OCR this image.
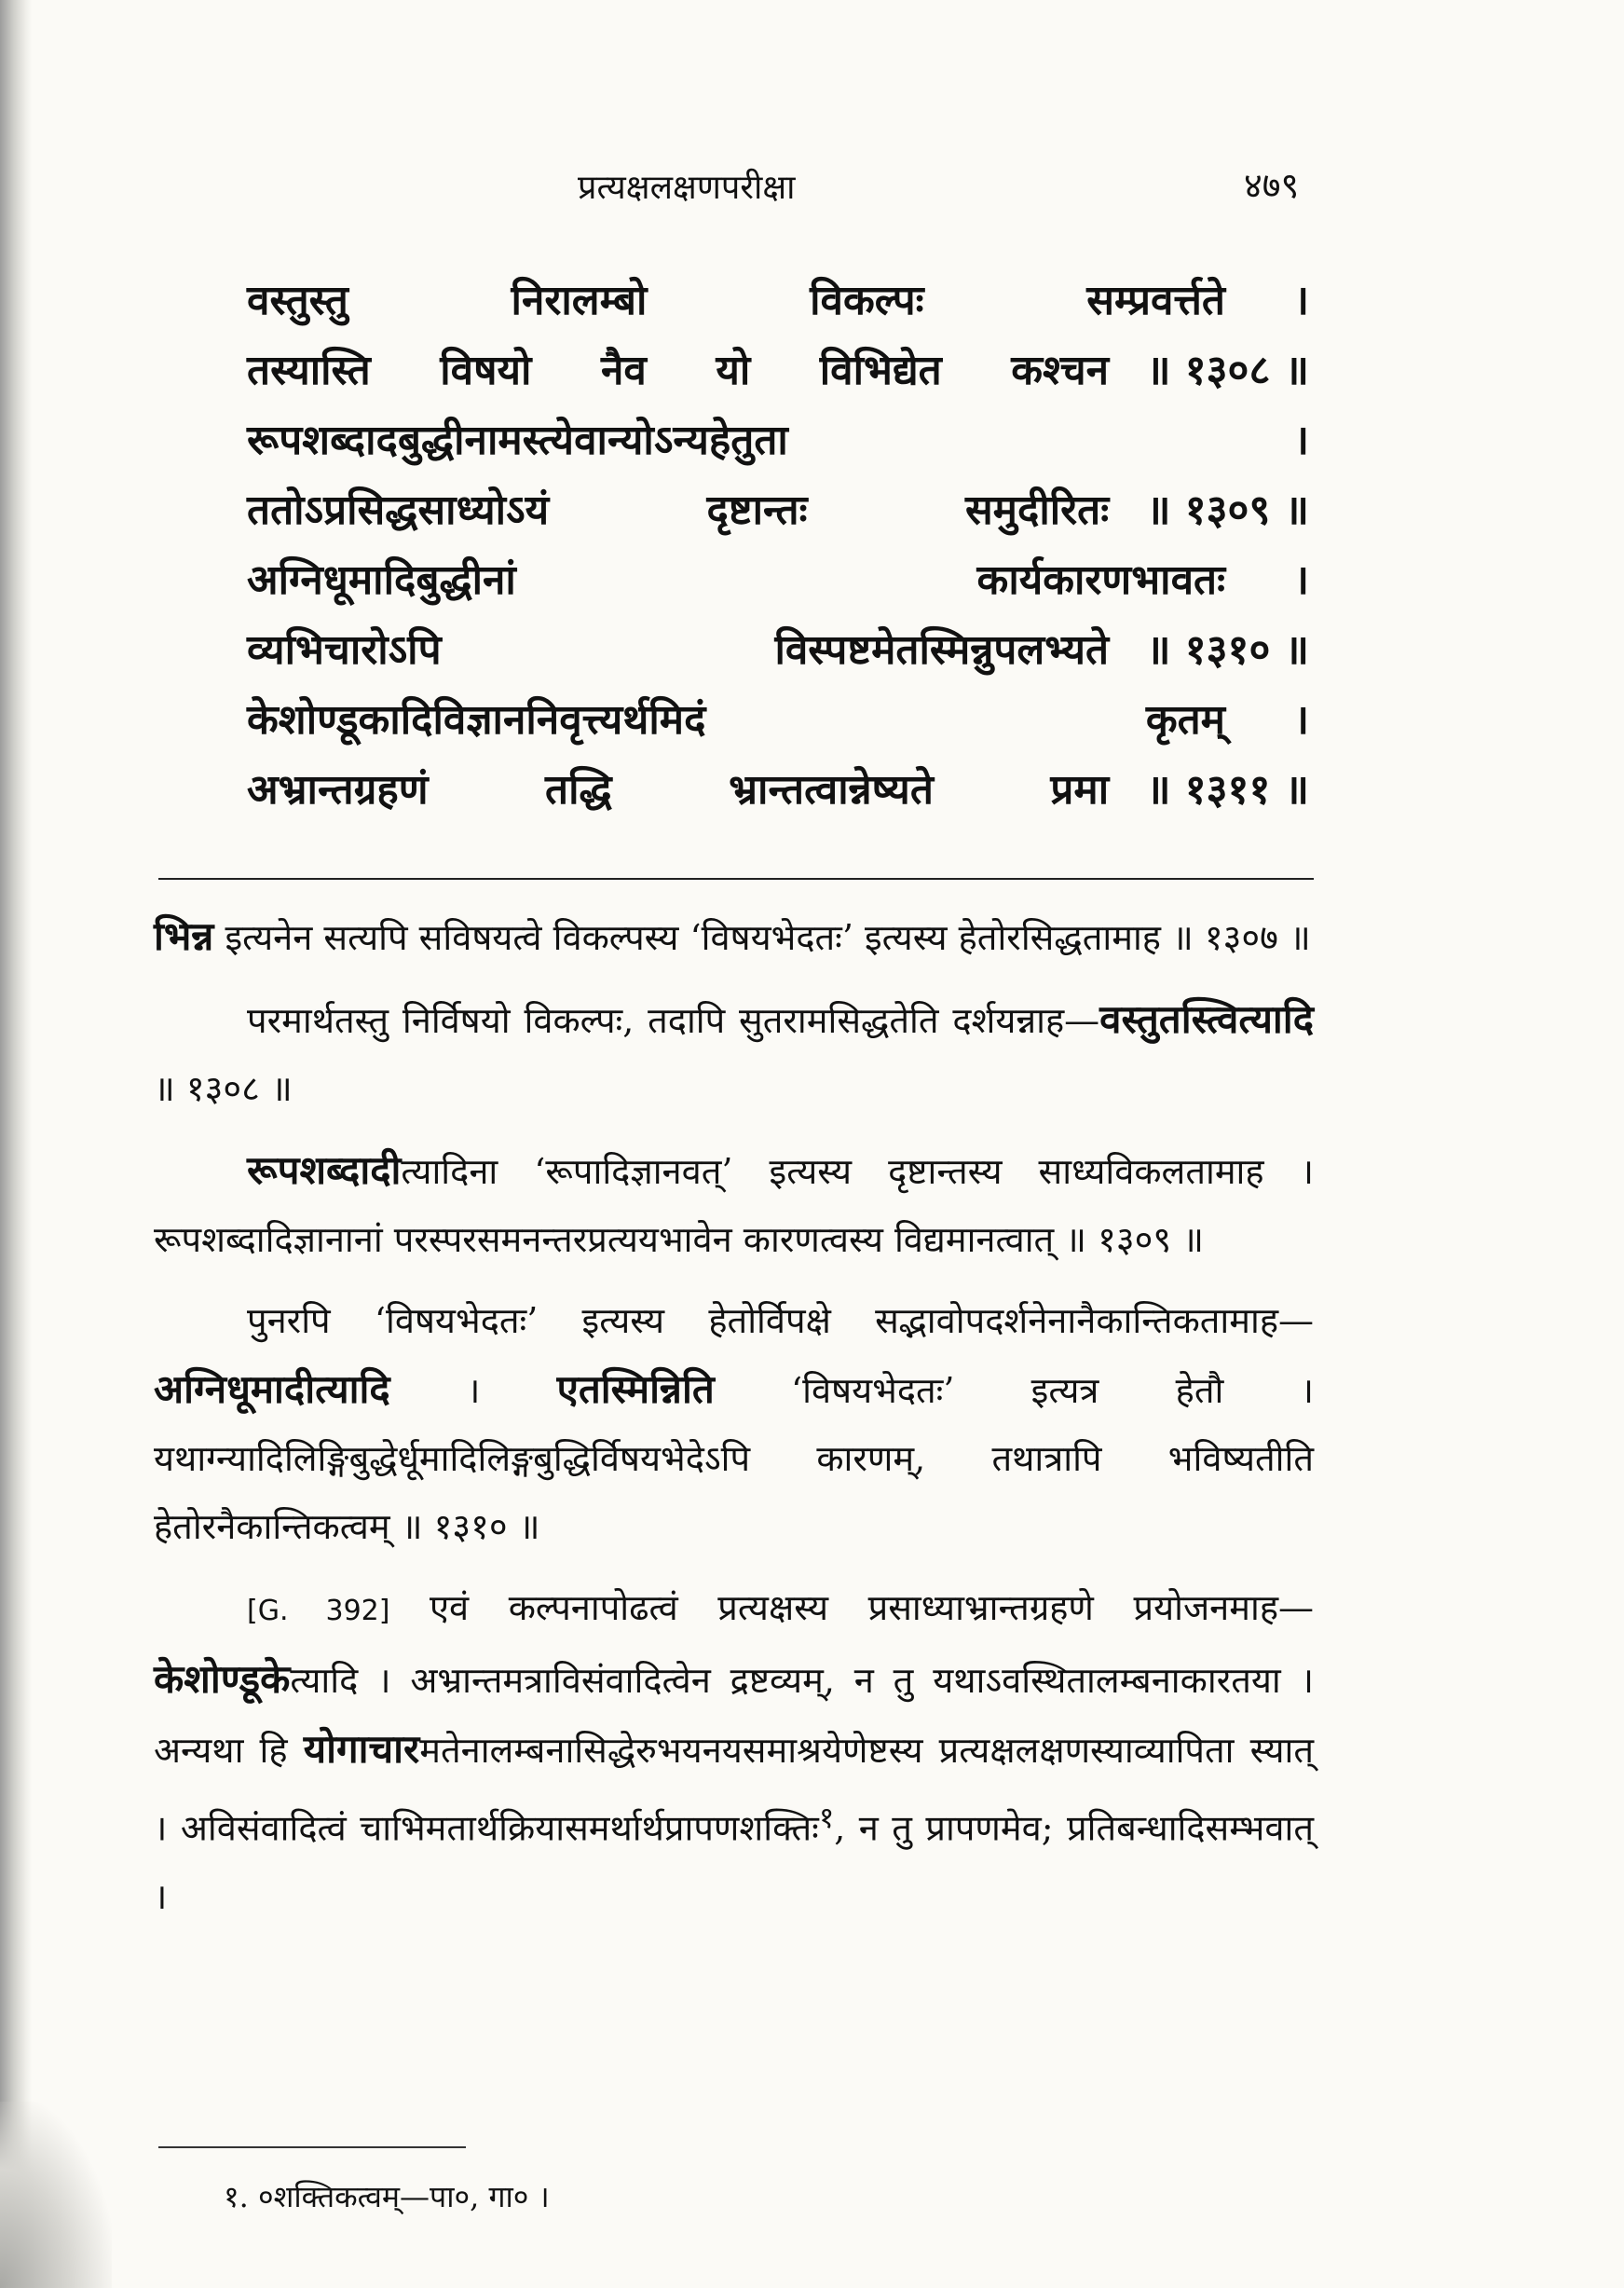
प्रत्यक्षलक्षणपरीक्षा	४७९
वस्तुस्तु	निरालम्बो	विकल्पः	सम्प्रवर्त्तते	।
तस्यास्ति विषयो नैव यो विभिद्येत कश्चन ॥ १३०८ ॥
रूपशब्दादबुद्धीनामस्त्येवान्योऽन्यहेतुता	।
ततोऽप्रसिद्धसाध्योऽयं	दृष्टान्तः	समुदीरितः ॥ १३०९ ॥
अग्निधूमादिबुद्धीनां	कार्यकारणभावतः	।
व्यभिचारोऽपि	विस्पष्टमेतस्मिन्नुपलभ्यते ॥ १३१० ॥
केशोण्डूकादिविज्ञाननिवृत्त्यर्थमिदं	कृतम्	।
अभ्रान्तग्रहणं	तद्धि	भ्रान्तत्वान्नेष्यते	प्रमा ॥ १३११ ॥

भिन्न इत्यनेन सत्यपि सविषयत्वे विकल्पस्य ‘विषयभेदतः’ इत्यस्य हेतोरसिद्धतामाह ॥ १३०७ ॥

परमार्थतस्तु निर्विषयो विकल्पः, तदापि सुतरामसिद्धतेति दर्शयन्नाह—वस्तुतस्त्वित्यादि ॥ १३०८ ॥

रूपशब्दादीत्यादिना ‘रूपादिज्ञानवत्’ इत्यस्य दृष्टान्तस्य साध्यविकलतामाह । रूपशब्दादिज्ञानानां परस्परसमनन्तरप्रत्ययभावेन कारणत्वस्य विद्यमानत्वात् ॥ १३०९ ॥

पुनरपि ‘विषयभेदतः’ इत्यस्य हेतोर्विपक्षे सद्भावोपदर्शनेनानैकान्तिकतामाह—अग्निधूमादीत्यादि । एतस्मिन्निति ‘विषयभेदतः’ इत्यत्र हेतौ । यथाग्न्यादिलिङ्गिबुद्धेर्धूमादिलिङ्गबुद्धिर्विषयभेदेऽपि कारणम्, तथात्रापि भविष्यतीति हेतोरनैकान्तिकत्वम् ॥ १३१० ॥

[G. 392] एवं कल्पनापोढत्वं प्रत्यक्षस्य प्रसाध्याभ्रान्तग्रहणे प्रयोजनमाह—केशोण्डूकेत्यादि । अभ्रान्तमत्राविसंवादित्वेन द्रष्टव्यम्, न तु यथाऽवस्थितालम्बनाकारतया । अन्यथा हि योगाचारमतेनालम्बनासिद्धेरुभयनयसमाश्रयेणेष्टस्य प्रत्यक्षलक्षणस्याव्यापिता स्यात् । अविसंवादित्वं चाभिमतार्थक्रियासमर्थार्थप्रापणशक्तिः$^१$, न तु प्रापणमेव; प्रतिबन्धादिसम्भवात् ।

१. ०शक्तिकत्वम्—पा०, गा० ।
